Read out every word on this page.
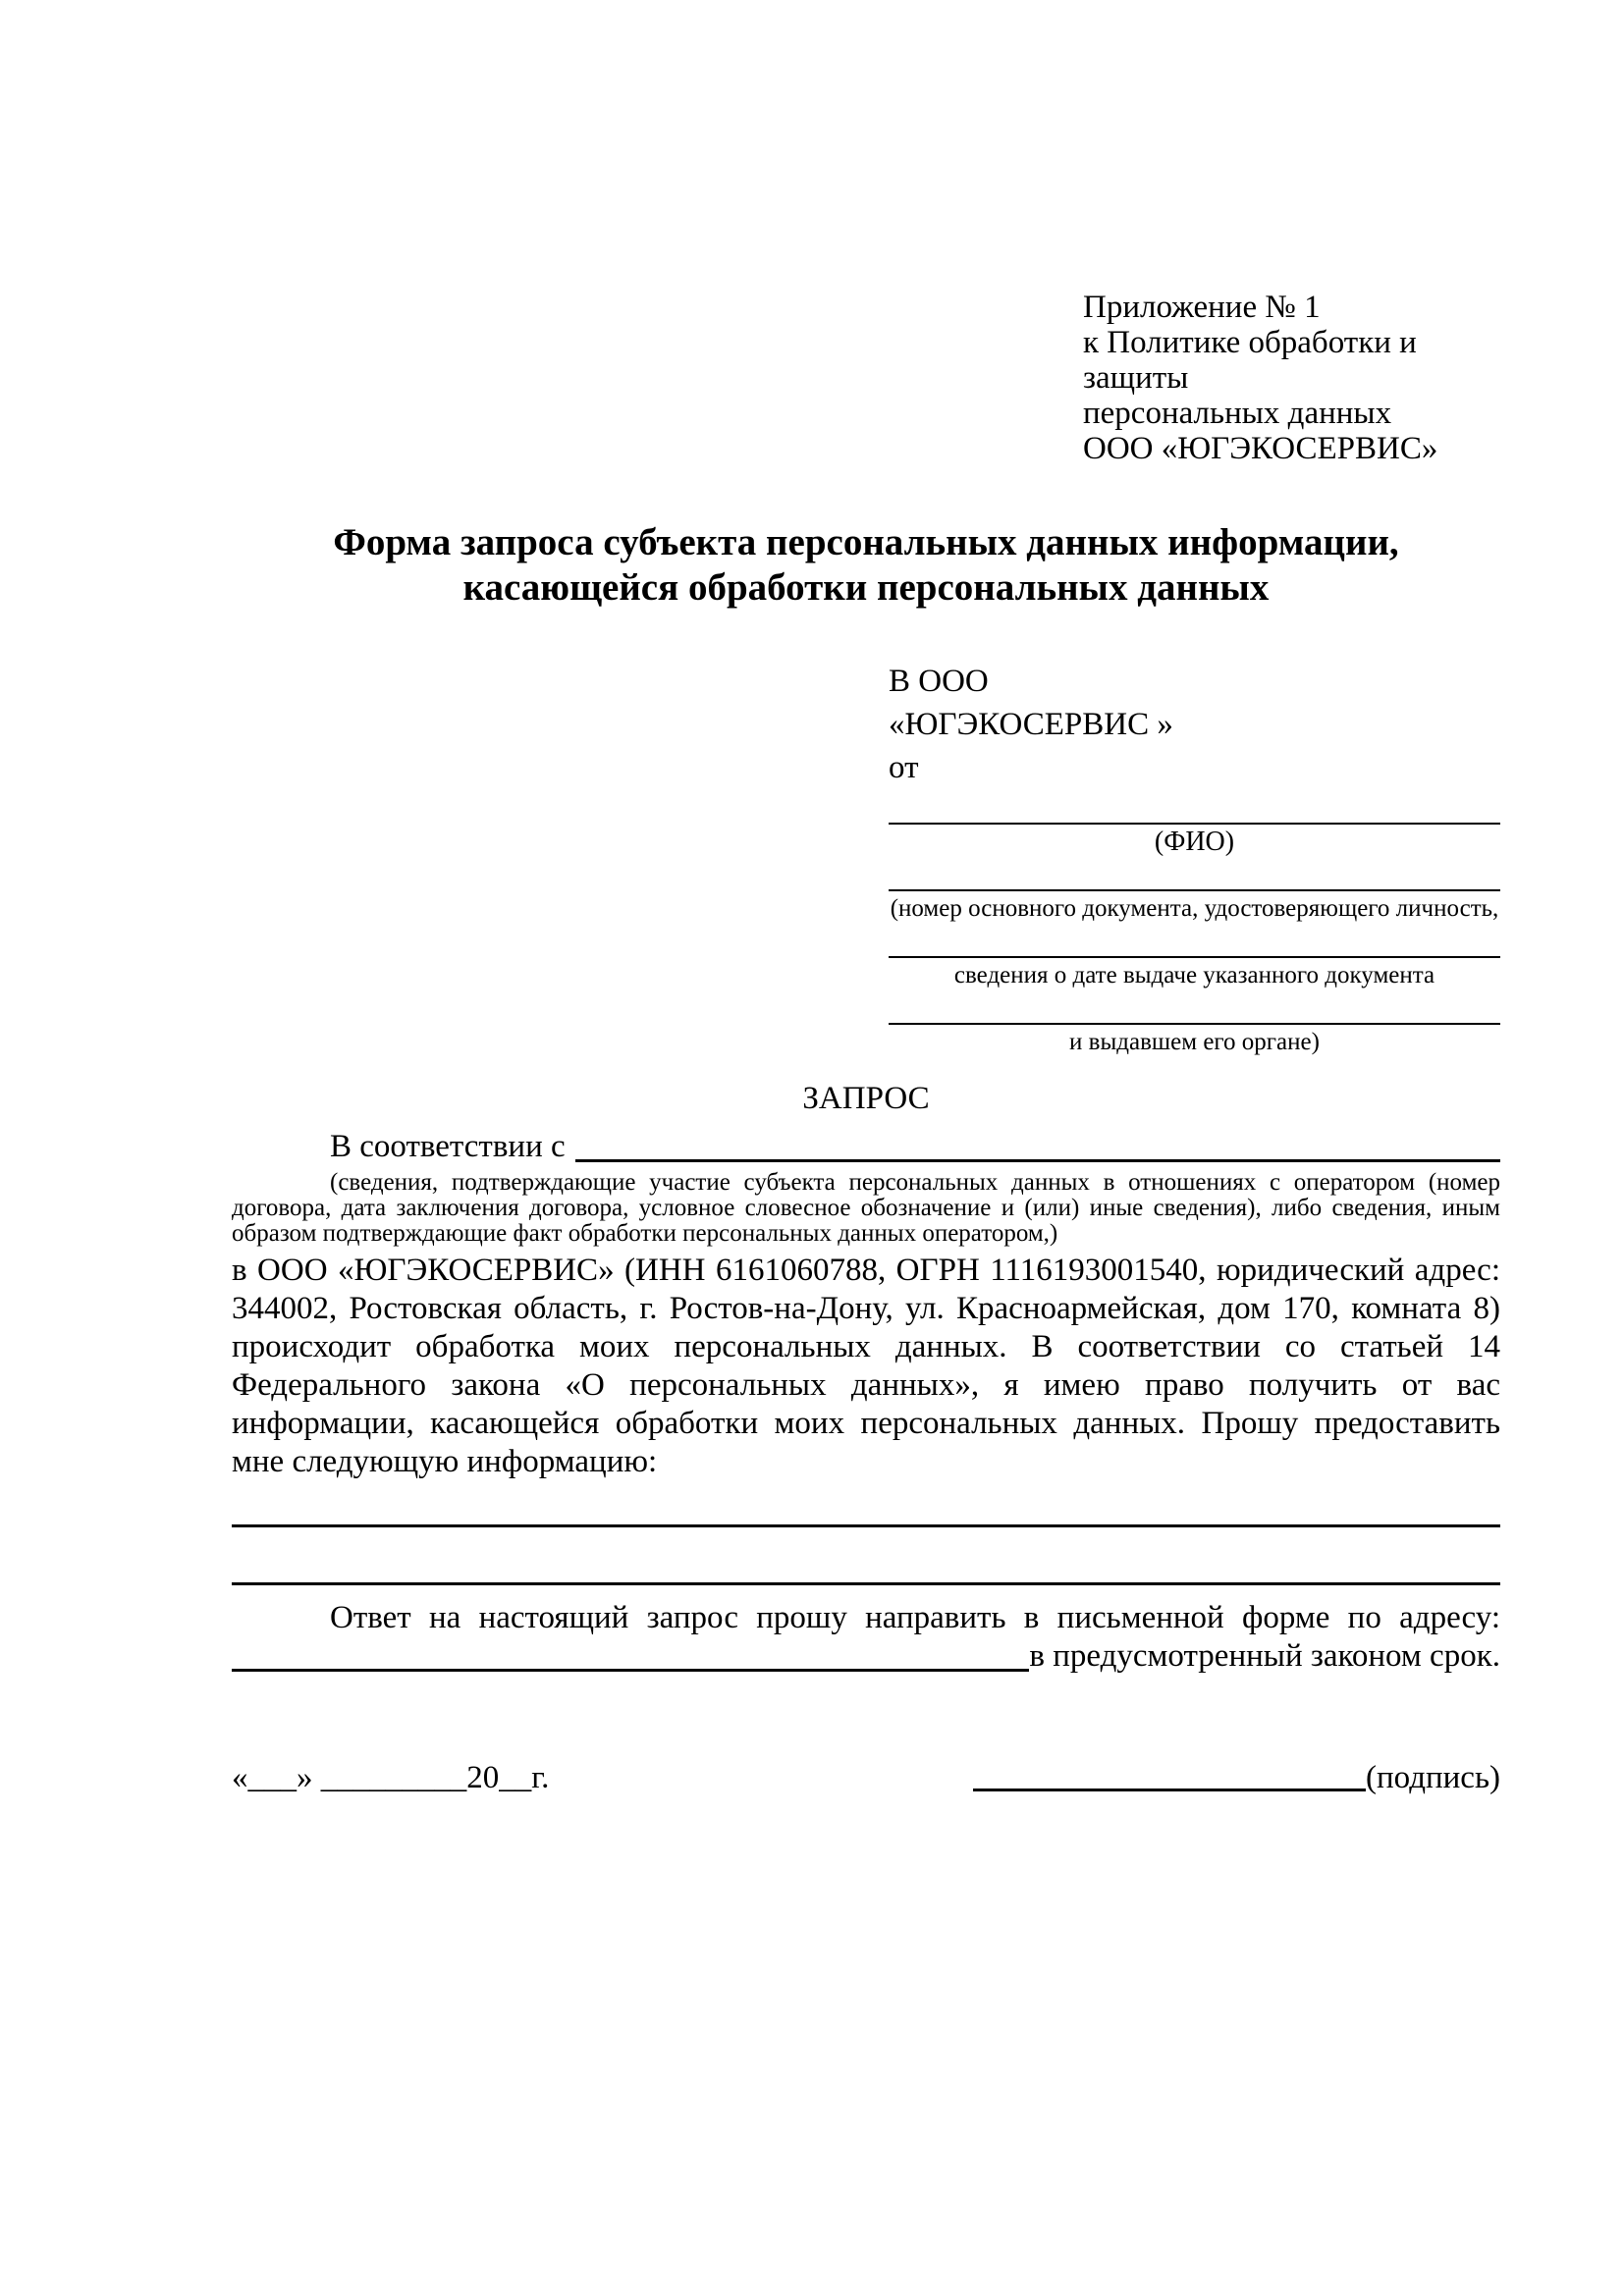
Приложение № 1
к Политике обработки и защиты
персональных данных
ООО «ЮГЭКОСЕРВИС»
Форма запроса субъекта персональных данных информации,
касающейся обработки персональных данных
В ООО
«ЮГЭКОСЕРВИС »
от
(ФИО)
(номер основного документа, удостоверяющего личность,
сведения о дате выдаче указанного документа
и выдавшем его органе)
ЗАПРОС
В соответствии с

(сведения, подтверждающие участие субъекта персональных данных в отношениях с оператором (номер договора, дата заключения договора, условное словесное обозначение и (или) иные сведения), либо сведения, иным образом подтверждающие факт обработки персональных данных оператором,)

в ООО «ЮГЭКОСЕРВИС» (ИНН 6161060788, ОГРН 1116193001540, юридический адрес: 344002, Ростовская область, г. Ростов-на-Дону, ул. Красноармейская, дом 170, комната 8) происходит обработка моих персональных данных. В соответствии со статьей 14 Федерального закона «О персональных данных», я имею право получить от вас информации, касающейся обработки моих персональных данных. Прошу предоставить мне следующую информацию:

Ответ на настоящий запрос прошу направить в письменной форме по адресу:

в предусмотренный законом срок.
«___» _________20__г.	(подпись)
